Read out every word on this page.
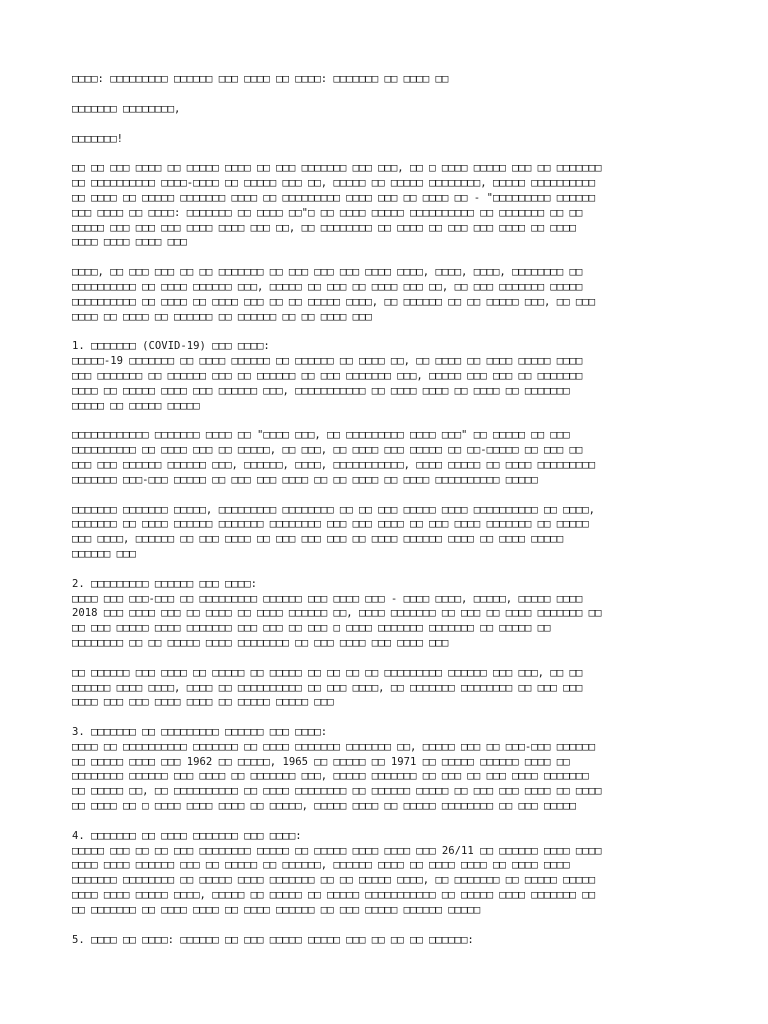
□□□□: □□□□□□□□□ □□□□□□ □□□ □□□□ □□ □□□□: □□□□□□□ □□ □□□□ □□
□□□□□□□ □□□□□□□□,
□□□□□□□!
□□ □□ □□□ □□□□ □□ □□□□□ □□□□ □□ □□□ □□□□□□□ □□□ □□□, □□ □ □□□□ □□□□□ □□□ □□ □□□□□□□
□□ □□□□□□□□□□ □□□□-□□□□ □□ □□□□□ □□□ □□, □□□□□ □□ □□□□□ □□□□□□□□, □□□□□ □□□□□□□□□□
□□ □□□□ □□ □□□□□ □□□□□□□ □□□□ □□ □□□□□□□□□ □□□□ □□□ □□ □□□□ □□ - "□□□□□□□□□ □□□□□□
□□□ □□□□ □□ □□□□: □□□□□□□ □□ □□□□ □□"□ □□ □□□□ □□□□□ □□□□□□□□□□ □□ □□□□□□□ □□ □□
□□□□□ □□□ □□□ □□□ □□□□ □□□□ □□□ □□, □□ □□□□□□□□ □□ □□□□ □□ □□□ □□□ □□□□ □□ □□□□
□□□□ □□□□ □□□□ □□□
□□□□, □□ □□□ □□□ □□ □□ □□□□□□□ □□ □□□ □□□ □□□ □□□□ □□□□, □□□□, □□□□, □□□□□□□□ □□
□□□□□□□□□□ □□ □□□□ □□□□□□ □□□, □□□□□ □□ □□□ □□ □□□□ □□□ □□, □□ □□□ □□□□□□□ □□□□□
□□□□□□□□□□ □□ □□□□ □□ □□□□ □□□ □□ □□ □□□□□ □□□□, □□ □□□□□□ □□ □□ □□□□□ □□□, □□ □□□
□□□□ □□ □□□□ □□ □□□□□□ □□ □□□□□□ □□ □□ □□□□ □□□
1. □□□□□□□ (COVID-19) □□□ □□□□:
□□□□□-19 □□□□□□□ □□ □□□□ □□□□□□ □□ □□□□□□ □□ □□□□ □□, □□ □□□□ □□ □□□□ □□□□□ □□□□
□□□ □□□□□□□ □□ □□□□□□ □□□ □□ □□□□□□ □□ □□□ □□□□□□□ □□□, □□□□□ □□□ □□□ □□ □□□□□□□
□□□□ □□ □□□□□ □□□□ □□□ □□□□□□ □□□, □□□□□□□□□□□ □□ □□□□ □□□□ □□ □□□□ □□ □□□□□□□
□□□□□ □□ □□□□□ □□□□□
□□□□□□□□□□□□ □□□□□□□ □□□□ □□ "□□□□ □□□, □□ □□□□□□□□□ □□□□ □□□" □□ □□□□□ □□ □□□
□□□□□□□□□□ □□ □□□□ □□□ □□ □□□□□, □□ □□□, □□ □□□□ □□□ □□□□□ □□ □□-□□□□□ □□ □□□ □□
□□□ □□□ □□□□□□ □□□□□□ □□□, □□□□□□, □□□□, □□□□□□□□□□□, □□□□ □□□□□ □□ □□□□ □□□□□□□□□
□□□□□□□ □□□-□□□ □□□□□ □□ □□□ □□□ □□□□ □□ □□ □□□□ □□ □□□□ □□□□□□□□□□ □□□□□
□□□□□□□ □□□□□□□ □□□□□, □□□□□□□□□ □□□□□□□□ □□ □□ □□□ □□□□□ □□□□ □□□□□□□□□□ □□ □□□□,
□□□□□□□ □□ □□□□ □□□□□□ □□□□□□□ □□□□□□□□ □□□ □□□ □□□□ □□ □□□ □□□□ □□□□□□□ □□ □□□□□
□□□ □□□□, □□□□□□ □□ □□□ □□□□ □□ □□□ □□□ □□□ □□ □□□□ □□□□□□ □□□□ □□ □□□□ □□□□□
□□□□□□ □□□
2. □□□□□□□□□ □□□□□□ □□□ □□□□:
□□□□ □□□ □□□-□□□ □□ □□□□□□□□□ □□□□□□ □□□ □□□□ □□□ - □□□□ □□□□, □□□□□, □□□□□ □□□□
2018 □□□ □□□□ □□□ □□ □□□□ □□ □□□□ □□□□□□ □□, □□□□ □□□□□□□ □□ □□□ □□ □□□□ □□□□□□□ □□
□□ □□□ □□□□□ □□□□ □□□□□□□ □□□ □□□ □□ □□□ □ □□□□ □□□□□□□ □□□□□□□ □□ □□□□□ □□
□□□□□□□□ □□ □□ □□□□□ □□□□ □□□□□□□□ □□ □□□ □□□□ □□□ □□□□ □□□
□□ □□□□□□ □□□ □□□□ □□ □□□□□ □□ □□□□□ □□ □□ □□ □□ □□□□□□□□□ □□□□□□ □□□ □□□, □□ □□
□□□□□□ □□□□ □□□□, □□□□ □□ □□□□□□□□□□ □□ □□□ □□□□, □□ □□□□□□□ □□□□□□□□ □□ □□□ □□□
□□□□ □□□ □□□ □□□□ □□□□ □□ □□□□□ □□□□□ □□□
3. □□□□□□□ □□ □□□□□□□□□ □□□□□□ □□□ □□□□:
□□□□ □□ □□□□□□□□□□ □□□□□□□ □□ □□□□ □□□□□□□ □□□□□□□ □□, □□□□□ □□□ □□ □□□-□□□ □□□□□□
□□ □□□□□ □□□□ □□□ 1962 □□ □□□□□, 1965 □□ □□□□□ □□ 1971 □□ □□□□□ □□□□□□ □□□□ □□
□□□□□□□□ □□□□□□ □□□ □□□□ □□ □□□□□□□ □□□, □□□□□ □□□□□□□ □□ □□□ □□ □□□ □□□□ □□□□□□□
□□ □□□□□ □□, □□ □□□□□□□□□□ □□ □□□□ □□□□□□□□ □□ □□□□□□ □□□□□ □□ □□□ □□□ □□□□ □□ □□□□
□□ □□□□ □□ □ □□□□ □□□□ □□□□ □□ □□□□□, □□□□□ □□□□ □□ □□□□□ □□□□□□□□ □□ □□□ □□□□□
4. □□□□□□□ □□ □□□□ □□□□□□□ □□□ □□□□:
□□□□□ □□□ □□ □□ □□□ □□□□□□□□ □□□□□ □□ □□□□□ □□□□ □□□□ □□□ 26/11 □□ □□□□□□ □□□□ □□□□
□□□□ □□□□ □□□□□□ □□□ □□ □□□□□ □□ □□□□□□, □□□□□□ □□□□ □□ □□□□ □□□□ □□ □□□□ □□□□
□□□□□□□ □□□□□□□□ □□ □□□□□ □□□□ □□□□□□□ □□ □□ □□□□□ □□□□, □□ □□□□□□□ □□ □□□□□ □□□□□
□□□□ □□□□ □□□□□ □□□□, □□□□□ □□ □□□□□ □□ □□□□□ □□□□□□□□□□□ □□ □□□□□ □□□□ □□□□□□□ □□
□□ □□□□□□□ □□ □□□□ □□□□ □□ □□□□ □□□□□□ □□ □□□ □□□□□ □□□□□□ □□□□□
5. □□□□ □□ □□□□: □□□□□□ □□ □□□ □□□□□ □□□□□ □□□ □□ □□ □□ □□□□□□:
